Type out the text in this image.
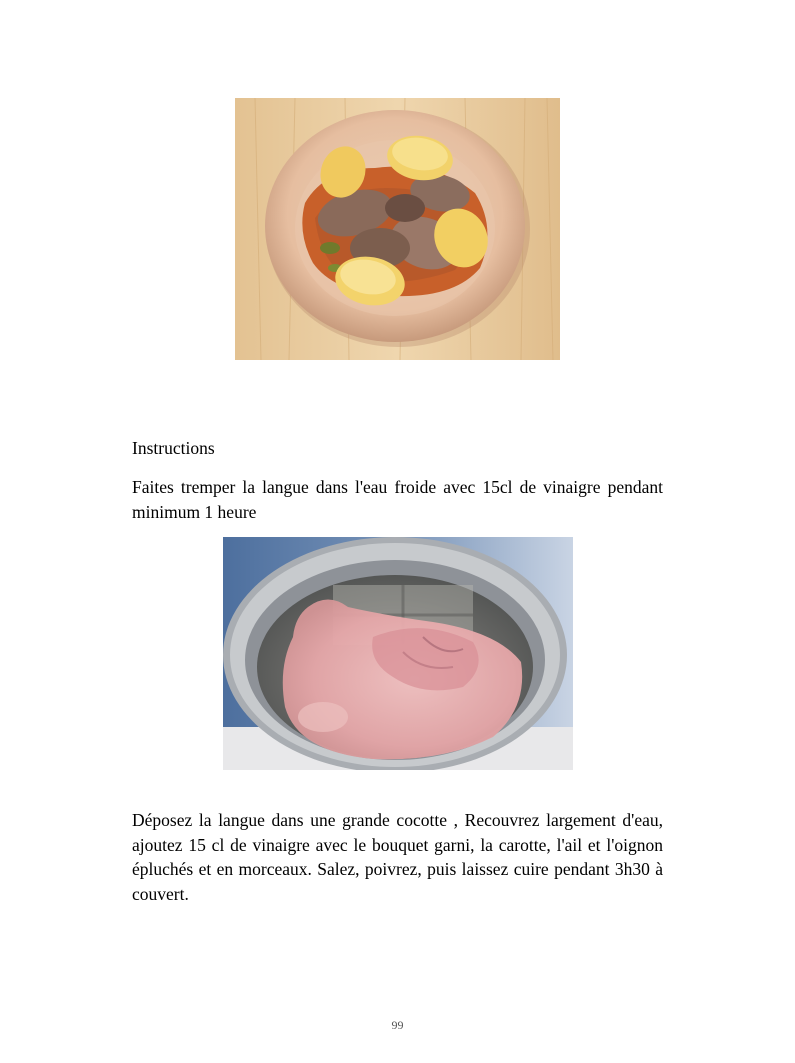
Instructions
Faites tremper la langue dans l'eau froide avec 15cl de vinaigre pendant minimum 1 heure
Déposez la langue dans une grande cocotte , Recouvrez largement d'eau, ajoutez 15 cl de vinaigre avec le bouquet garni, la carotte, l'ail et l'oignon épluchés et en morceaux. Salez, poivrez, puis laissez cuire pendant 3h30 à couvert.
99
